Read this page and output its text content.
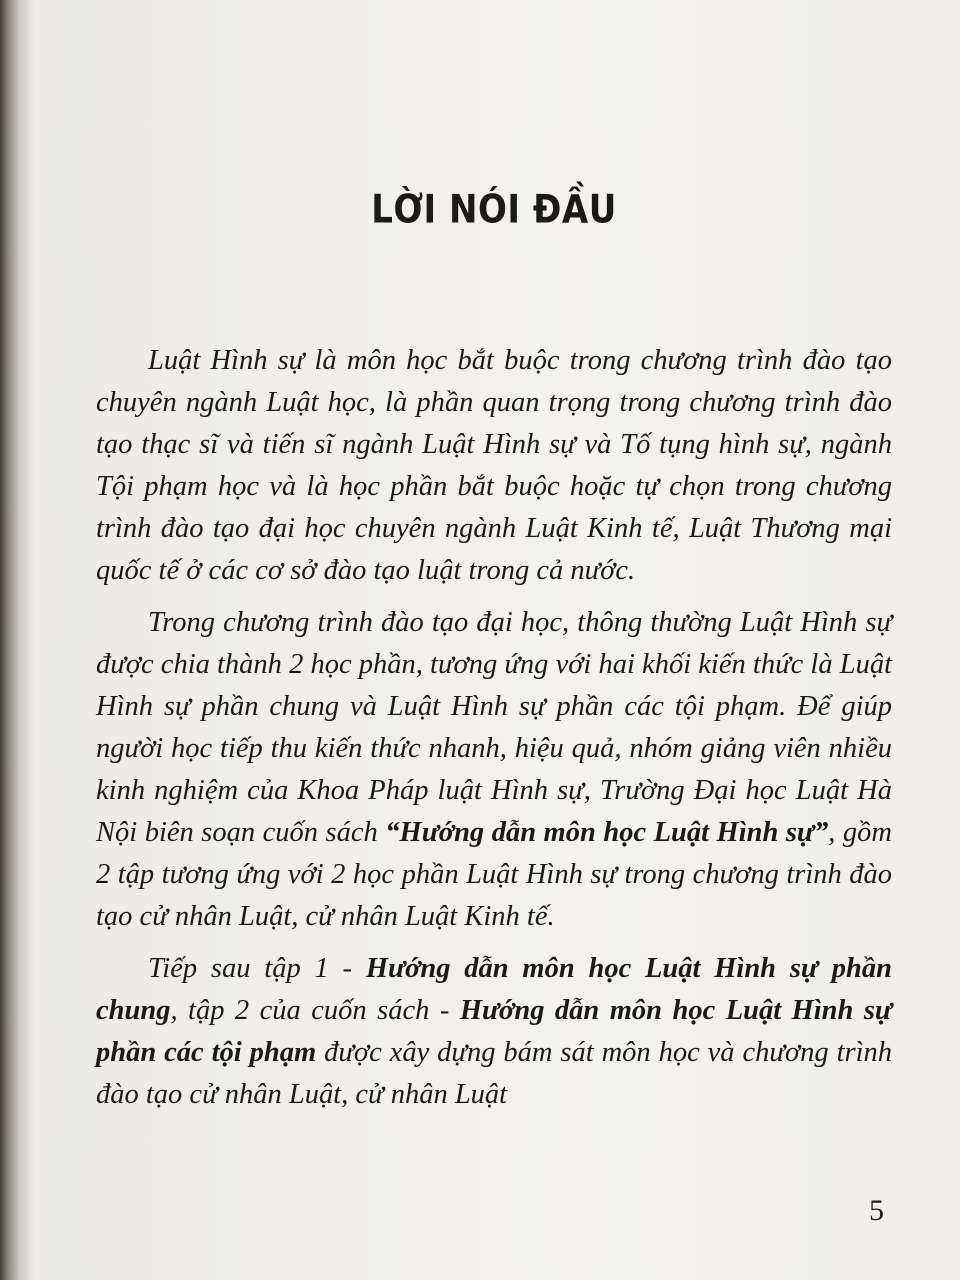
LỜI NÓI ĐẦU

Luật Hình sự là môn học bắt buộc trong chương trình đào tạo chuyên ngành Luật học, là phần quan trọng trong chương trình đào tạo thạc sĩ và tiến sĩ ngành Luật Hình sự và Tố tụng hình sự, ngành Tội phạm học và là học phần bắt buộc hoặc tự chọn trong chương trình đào tạo đại học chuyên ngành Luật Kinh tế, Luật Thương mại quốc tế ở các cơ sở đào tạo luật trong cả nước.

Trong chương trình đào tạo đại học, thông thường Luật Hình sự được chia thành 2 học phần, tương ứng với hai khối kiến thức là Luật Hình sự phần chung và Luật Hình sự phần các tội phạm. Để giúp người học tiếp thu kiến thức nhanh, hiệu quả, nhóm giảng viên nhiều kinh nghiệm của Khoa Pháp luật Hình sự, Trường Đại học Luật Hà Nội biên soạn cuốn sách “Hướng dẫn môn học Luật Hình sự”, gồm 2 tập tương ứng với 2 học phần Luật Hình sự trong chương trình đào tạo cử nhân Luật, cử nhân Luật Kinh tế.

Tiếp sau tập 1 - Hướng dẫn môn học Luật Hình sự phần chung, tập 2 của cuốn sách - Hướng dẫn môn học Luật Hình sự phần các tội phạm được xây dựng bám sát môn học và chương trình đào tạo cử nhân Luật, cử nhân Luật

5
